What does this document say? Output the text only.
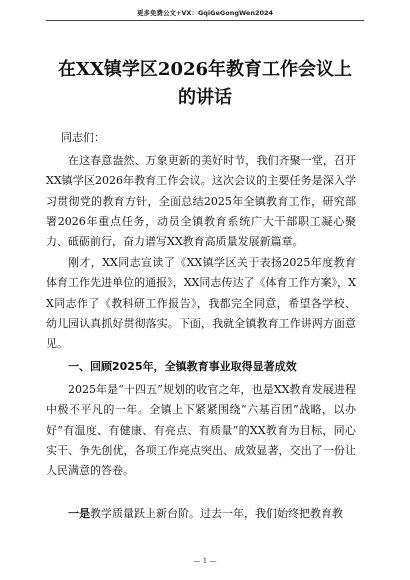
更多免费公文+VX：GqiGeGongWen2024
在XX镇学区2026年教育工作会议上的讲话

同志们：

在这春意盎然、万象更新的美好时节，我们齐聚一堂，召开XX镇学区2026年教育工作会议。这次会议的主要任务是深入学习贯彻党的教育方针，全面总结2025年全镇教育工作，研究部署2026年重点任务，动员全镇教育系统广大干部职工凝心聚力、砥砺前行，奋力谱写XX教育高质量发展新篇章。

刚才，XX同志宣读了《XX镇学区关于表扬2025年度教育体育工作先进单位的通报》，XX同志传达了《体育工作方案》，XX同志作了《教科研工作报告》，我都完全同意，希望各学校、幼儿园认真抓好贯彻落实。下面，我就全镇教育工作讲两方面意见。

一、回顾2025年，全镇教育事业取得显著成效

2025年是“十四五”规划的收官之年，也是XX教育发展进程中极不平凡的一年。全镇上下紧紧围绕“六基百团”战略，以办好“有温度、有健康、有亮点、有质量”的XX教育为目标，同心实干、争先创优，各项工作亮点突出、成效显著，交出了一份让人民满意的答卷。

一是教学质量跃上新台阶。过去一年，我们始终把教育教

— 1 —
